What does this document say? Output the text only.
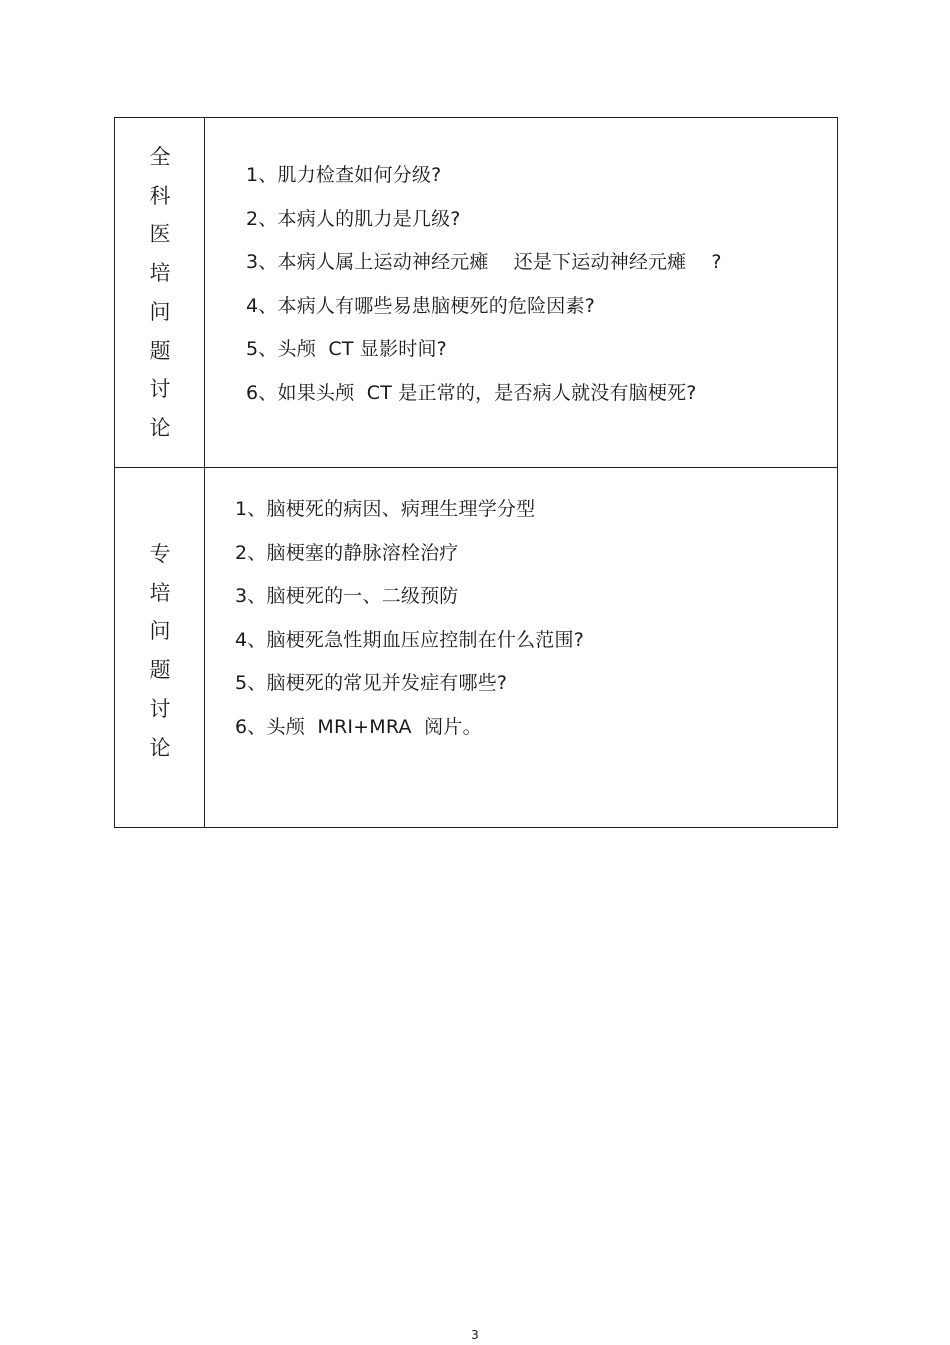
全
科
医
培
问
题
讨
论
1、肌力检查如何分级?
2、本病人的肌力是几级?
3、本病人属上运动神经元瘫    还是下运动神经元瘫    ?
4、本病人有哪些易患脑梗死的危险因素?
5、头颅  CT 显影时间?
6、如果头颅  CT 是正常的，是否病人就没有脑梗死?
专
培
问
题
讨
论
1、脑梗死的病因、病理生理学分型
2、脑梗塞的静脉溶栓治疗
3、脑梗死的一、二级预防
4、脑梗死急性期血压应控制在什么范围?
5、脑梗死的常见并发症有哪些?
6、头颅  MRI+MRA  阅片。
3
